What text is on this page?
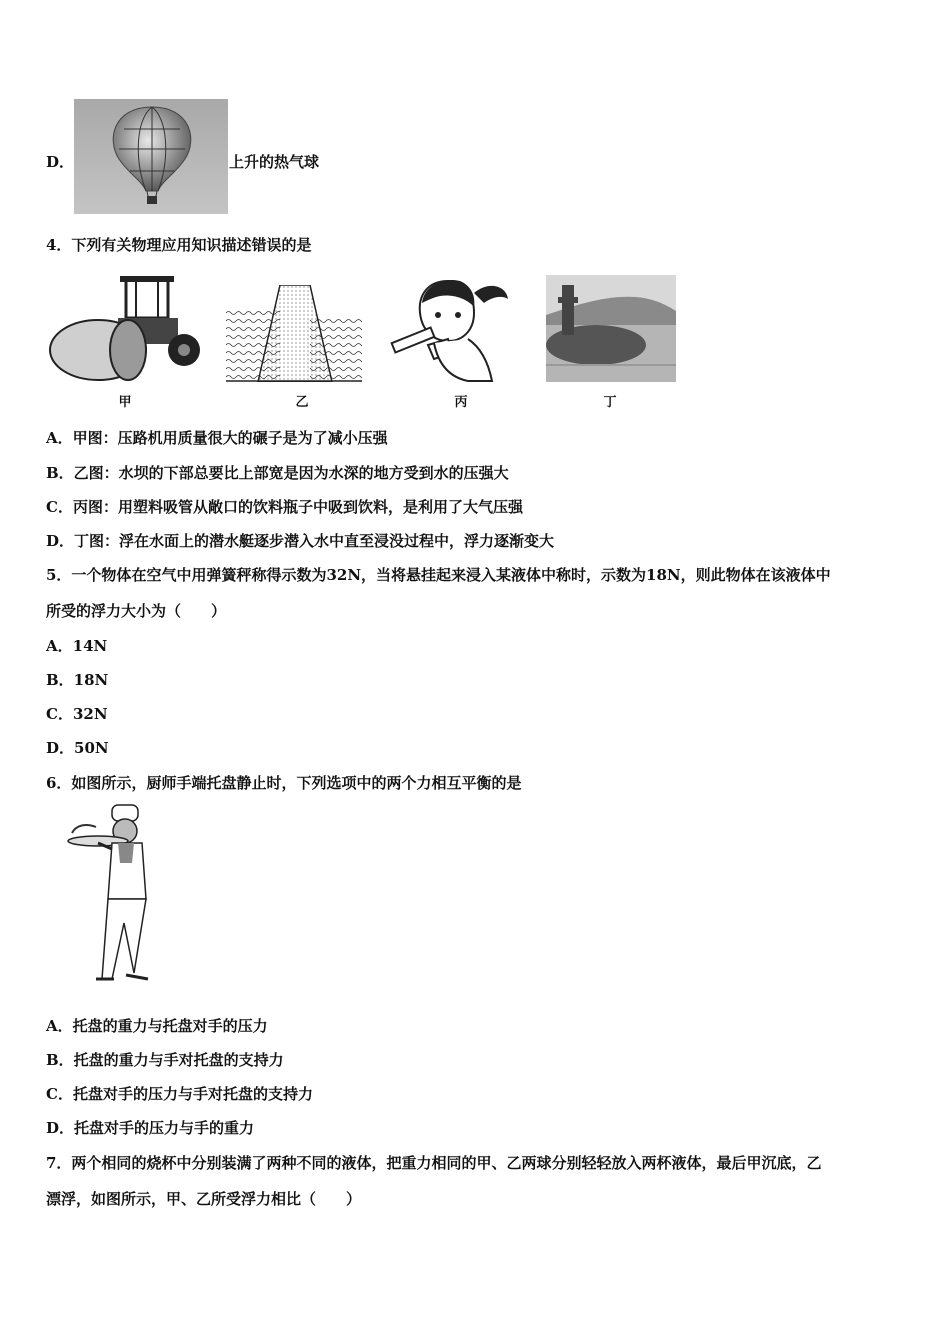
D．	上升的热气球
4．下列有关物理应用知识描述错误的是
甲	乙	丙	丁
A．甲图：压路机用质量很大的碾子是为了减小压强
B．乙图：水坝的下部总要比上部宽是因为水深的地方受到水的压强大
C．丙图：用塑料吸管从敞口的饮料瓶子中吸到饮料，是利用了大气压强
D．丁图：浮在水面上的潜水艇逐步潜入水中直至浸没过程中，浮力逐渐变大
5．一个物体在空气中用弹簧秤称得示数为32N，当将悬挂起来浸入某液体中称时，示数为18N，则此物体在该液体中
所受的浮力大小为（　　）
A．14N
B．18N
C．32N
D．50N
6．如图所示，厨师手端托盘静止时，下列选项中的两个力相互平衡的是
A．托盘的重力与托盘对手的压力
B．托盘的重力与手对托盘的支持力
C．托盘对手的压力与手对托盘的支持力
D．托盘对手的压力与手的重力
7．两个相同的烧杯中分别装满了两种不同的液体，把重力相同的甲、乙两球分别轻轻放入两杯液体，最后甲沉底，乙
漂浮，如图所示，甲、乙所受浮力相比（　　）
